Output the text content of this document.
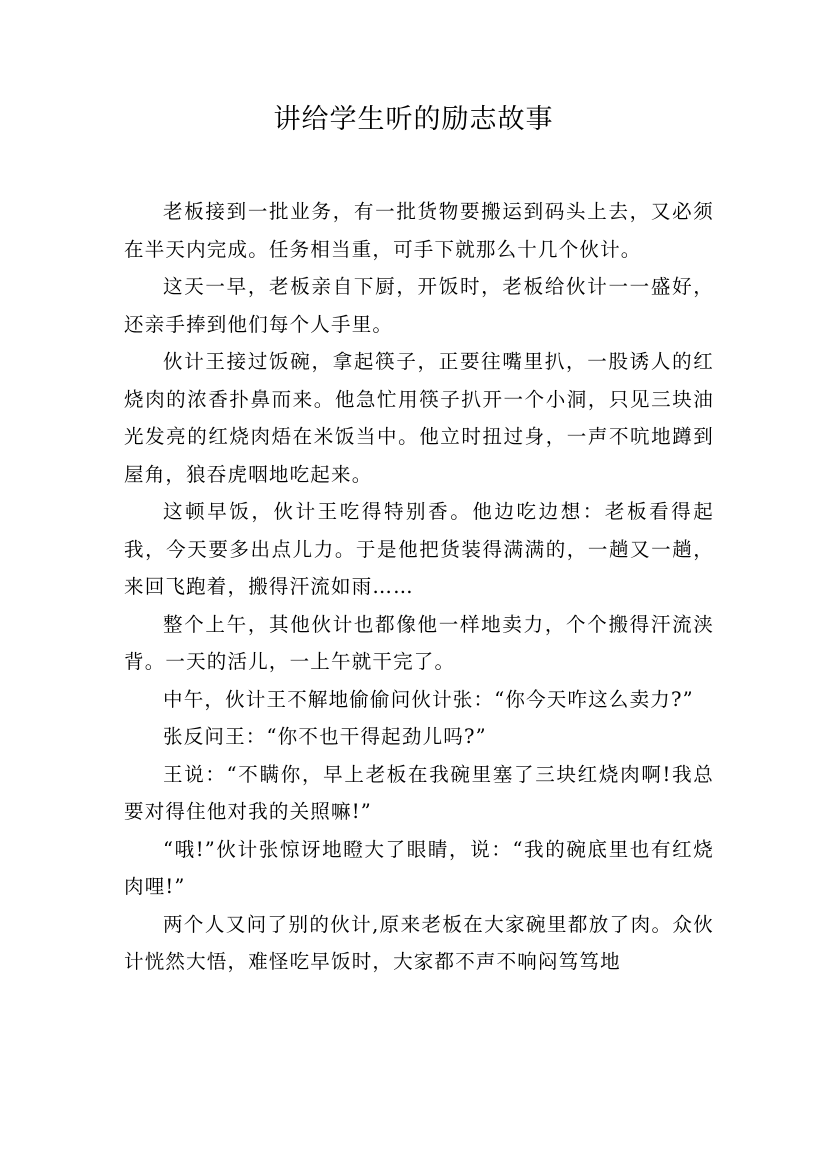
讲给学生听的励志故事

老板接到一批业务，有一批货物要搬运到码头上去，又必须在半天内完成。任务相当重，可手下就那么十几个伙计。

这天一早，老板亲自下厨，开饭时，老板给伙计一一盛好，还亲手捧到他们每个人手里。

伙计王接过饭碗，拿起筷子，正要往嘴里扒，一股诱人的红烧肉的浓香扑鼻而来。他急忙用筷子扒开一个小洞，只见三块油光发亮的红烧肉焐在米饭当中。他立时扭过身，一声不吭地蹲到屋角，狼吞虎咽地吃起来。

这顿早饭，伙计王吃得特别香。他边吃边想：老板看得起我，今天要多出点儿力。于是他把货装得满满的，一趟又一趟，来回飞跑着，搬得汗流如雨……

整个上午，其他伙计也都像他一样地卖力，个个搬得汗流浃背。一天的活儿，一上午就干完了。

中午，伙计王不解地偷偷问伙计张：“你今天咋这么卖力?”

张反问王：“你不也干得起劲儿吗?”

王说：“不瞒你，早上老板在我碗里塞了三块红烧肉啊!我总要对得住他对我的关照嘛!”

“哦!”伙计张惊讶地瞪大了眼睛，说：“我的碗底里也有红烧肉哩!”

两个人又问了别的伙计,原来老板在大家碗里都放了肉。众伙计恍然大悟，难怪吃早饭时，大家都不声不响闷笃笃地
